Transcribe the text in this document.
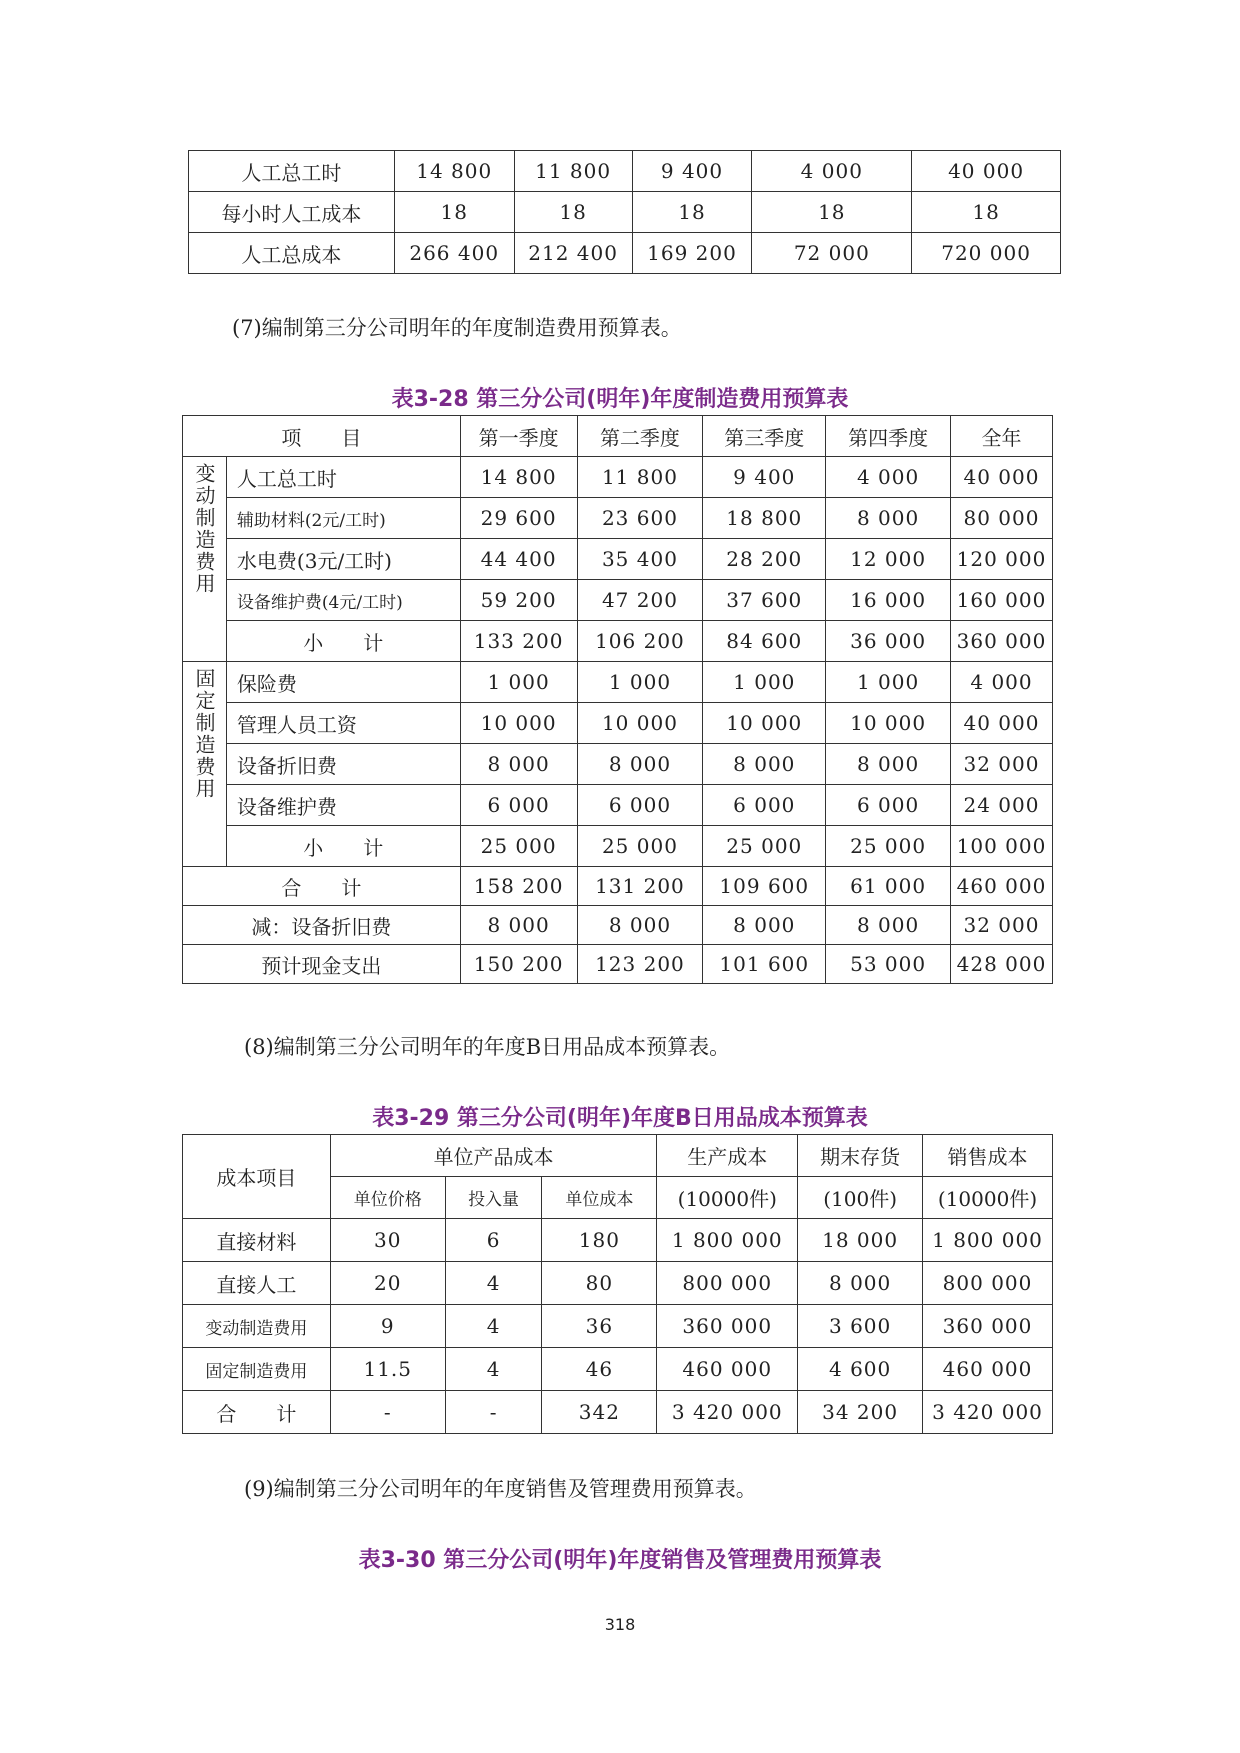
人工总工时	14 800	11 800	9 400	4 000	40 000
每小时人工成本	18	18	18	18	18
人工总成本	266 400	212 400	169 200	72 000	720 000
(7)编制第三分公司明年的年度制造费用预算表。
表3-28 第三分公司(明年)年度制造费用预算表
项　　目		第一季度	第二季度	第三季度	第四季度	全年
变动制造费用	人工总工时	14 800	11 800	9 400	4 000	40 000
	辅助材料(2元/工时)	29 600	23 600	18 800	8 000	80 000
	水电费(3元/工时)	44 400	35 400	28 200	12 000	120 000
	设备维护费(4元/工时)	59 200	47 200	37 600	16 000	160 000
	小　　计	133 200	106 200	84 600	36 000	360 000
固定制造费用	保险费	1 000	1 000	1 000	1 000	4 000
	管理人员工资	10 000	10 000	10 000	10 000	40 000
	设备折旧费	8 000	8 000	8 000	8 000	32 000
	设备维护费	6 000	6 000	6 000	6 000	24 000
	小　　计	25 000	25 000	25 000	25 000	100 000
合　　计		158 200	131 200	109 600	61 000	460 000
减：设备折旧费		8 000	8 000	8 000	8 000	32 000
预计现金支出		150 200	123 200	101 600	53 000	428 000
(8)编制第三分公司明年的年度B日用品成本预算表。
表3-29 第三分公司(明年)年度B日用品成本预算表
成本项目	单位产品成本			生产成本	期末存货	销售成本
	单位价格	投入量	单位成本	(10000件)	(100件)	(10000件)
直接材料	30	6	180	1 800 000	18 000	1 800 000
直接人工	20	4	80	800 000	8 000	800 000
变动制造费用	9	4	36	360 000	3 600	360 000
固定制造费用	11.5	4	46	460 000	4 600	460 000
合　　计	-	-	342	3 420 000	34 200	3 420 000
(9)编制第三分公司明年的年度销售及管理费用预算表。
表3-30 第三分公司(明年)年度销售及管理费用预算表
318
